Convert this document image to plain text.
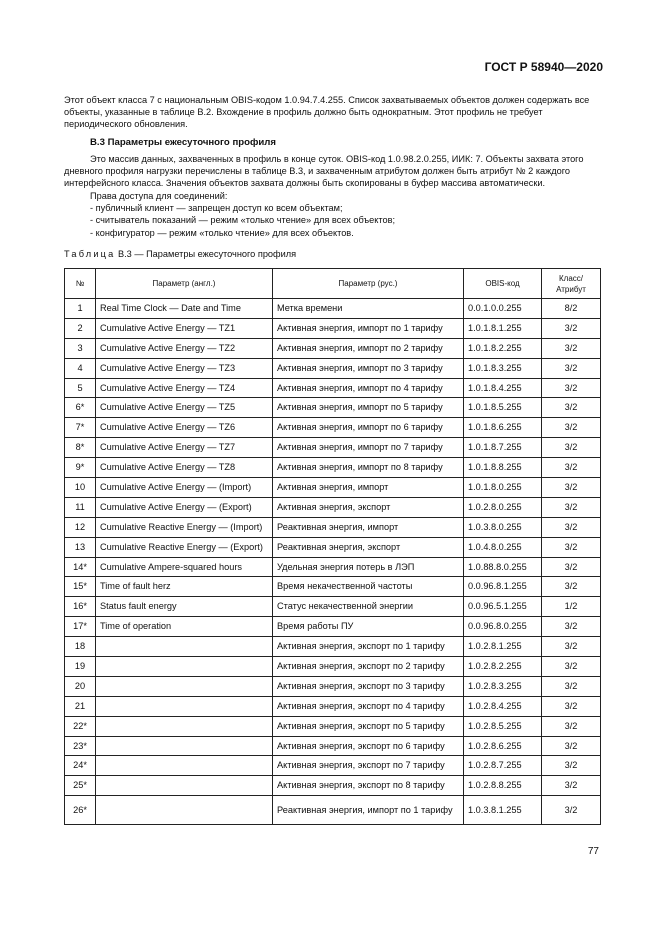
ГОСТ Р 58940—2020
Этот объект класса 7 с национальным OBIS-кодом 1.0.94.7.4.255. Список захватываемых объектов должен содержать все объекты, указанные в таблице В.2. Вхождение в профиль должно быть однократным. Этот профиль не требует периодического обновления.
В.3 Параметры ежесуточного профиля
Это массив данных, захваченных в профиль в конце суток. OBIS-код 1.0.98.2.0.255, ИИК: 7. Объекты захвата этого дневного профиля нагрузки перечислены в таблице В.3, и захваченным атрибутом должен быть атрибут № 2 каждого интерфейсного класса. Значения объектов захвата должны быть скопированы в буфер массива автоматически.
Права доступа для соединений:
- публичный клиент — запрещен доступ ко всем объектам;
- считыватель показаний — режим «только чтение» для всех объектов;
- конфигуратор — режим «только чтение» для всех объектов.
Таблица В.3 — Параметры ежесуточного профиля
№	Параметр (англ.)	Параметр (рус.)	OBIS-код	Класс/
Атрибут
1	Real Time Clock — Date and Time	Метка времени	0.0.1.0.0.255	8/2
2	Cumulative Active Energy — TZ1	Активная энергия, импорт по 1 тарифу	1.0.1.8.1.255	3/2
3	Cumulative Active Energy — TZ2	Активная энергия, импорт по 2 тарифу	1.0.1.8.2.255	3/2
4	Cumulative Active Energy — TZ3	Активная энергия, импорт по 3 тарифу	1.0.1.8.3.255	3/2
5	Cumulative Active Energy — TZ4	Активная энергия, импорт по 4 тарифу	1.0.1.8.4.255	3/2
6*	Cumulative Active Energy — TZ5	Активная энергия, импорт по 5 тарифу	1.0.1.8.5.255	3/2
7*	Cumulative Active Energy — TZ6	Активная энергия, импорт по 6 тарифу	1.0.1.8.6.255	3/2
8*	Cumulative Active Energy — TZ7	Активная энергия, импорт по 7 тарифу	1.0.1.8.7.255	3/2
9*	Cumulative Active Energy — TZ8	Активная энергия, импорт по 8 тарифу	1.0.1.8.8.255	3/2
10	Cumulative Active Energy — (Import)	Активная энергия, импорт	1.0.1.8.0.255	3/2
11	Cumulative Active Energy — (Export)	Активная энергия, экспорт	1.0.2.8.0.255	3/2
12	Cumulative Reactive Energy — (Import)	Реактивная энергия, импорт	1.0.3.8.0.255	3/2
13	Cumulative Reactive Energy — (Export)	Реактивная энергия, экспорт	1.0.4.8.0.255	3/2
14*	Cumulative Ampere-squared hours	Удельная энергия потерь в ЛЭП	1.0.88.8.0.255	3/2
15*	Time of fault herz	Время некачественной частоты	0.0.96.8.1.255	3/2
16*	Status fault energy	Статус некачественной энергии	0.0.96.5.1.255	1/2
17*	Time of operation	Время работы ПУ	0.0.96.8.0.255	3/2
18		Активная энергия, экспорт по 1 тарифу	1.0.2.8.1.255	3/2
19		Активная энергия, экспорт по 2 тарифу	1.0.2.8.2.255	3/2
20		Активная энергия, экспорт по 3 тарифу	1.0.2.8.3.255	3/2
21		Активная энергия, экспорт по 4 тарифу	1.0.2.8.4.255	3/2
22*		Активная энергия, экспорт по 5 тарифу	1.0.2.8.5.255	3/2
23*		Активная энергия, экспорт по 6 тарифу	1.0.2.8.6.255	3/2
24*		Активная энергия, экспорт по 7 тарифу	1.0.2.8.7.255	3/2
25*		Активная энергия, экспорт по 8 тарифу	1.0.2.8.8.255	3/2
26*		Реактивная энергия, импорт по 1 тарифу	1.0.3.8.1.255	3/2
77
